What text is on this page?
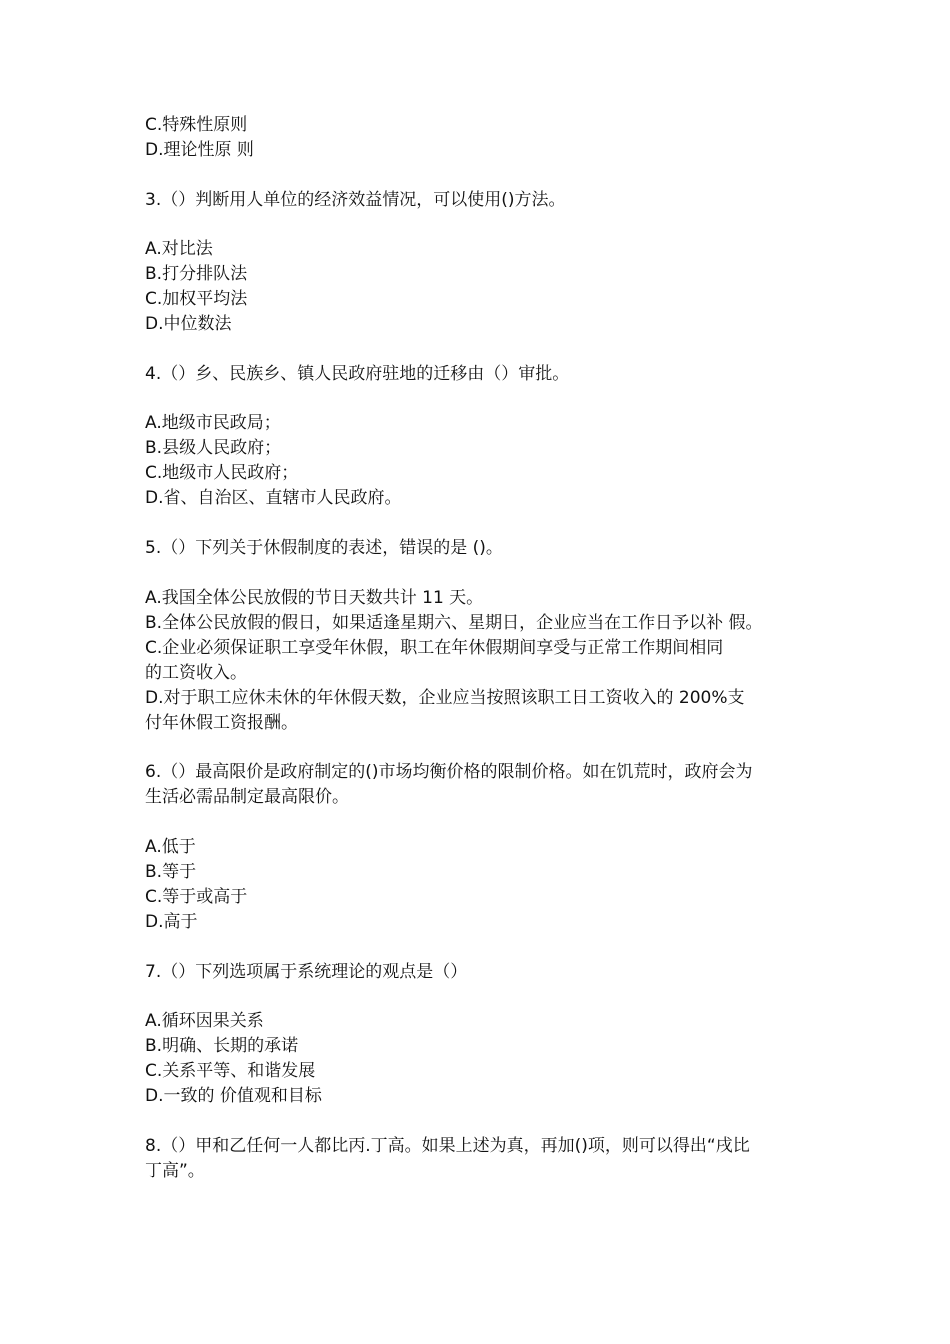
C.特殊性原则
D.理论性原 则
3.（）判断用人单位的经济效益情况，可以使用()方法。
A.对比法
B.打分排队法
C.加权平均法
D.中位数法
4.（）乡、民族乡、镇人民政府驻地的迁移由（）审批。
A.地级市民政局；
B.县级人民政府；
C.地级市人民政府；
D.省、自治区、直辖市人民政府。
5.（）下列关于休假制度的表述，错误的是 ()。
A.我国全体公民放假的节日天数共计 11 天。
B.全体公民放假的假日，如果适逢星期六、星期日，企业应当在工作日予以补 假。
C.企业必须保证职工享受年休假，职工在年休假期间享受与正常工作期间相同
的工资收入。
D.对于职工应休未休的年休假天数，企业应当按照该职工日工资收入的 200%支
付年休假工资报酬。
6.（）最高限价是政府制定的()市场均衡价格的限制价格。如在饥荒时，政府会为
生活必需品制定最高限价。
A.低于
B.等于
C.等于或高于
D.高于
7.（）下列选项属于系统理论的观点是（）
A.循环因果关系
B.明确、长期的承诺
C.关系平等、和谐发展
D.一致的 价值观和目标
8.（）甲和乙任何一人都比丙.丁高。如果上述为真，再加()项，则可以得出“戌比
丁高”。
